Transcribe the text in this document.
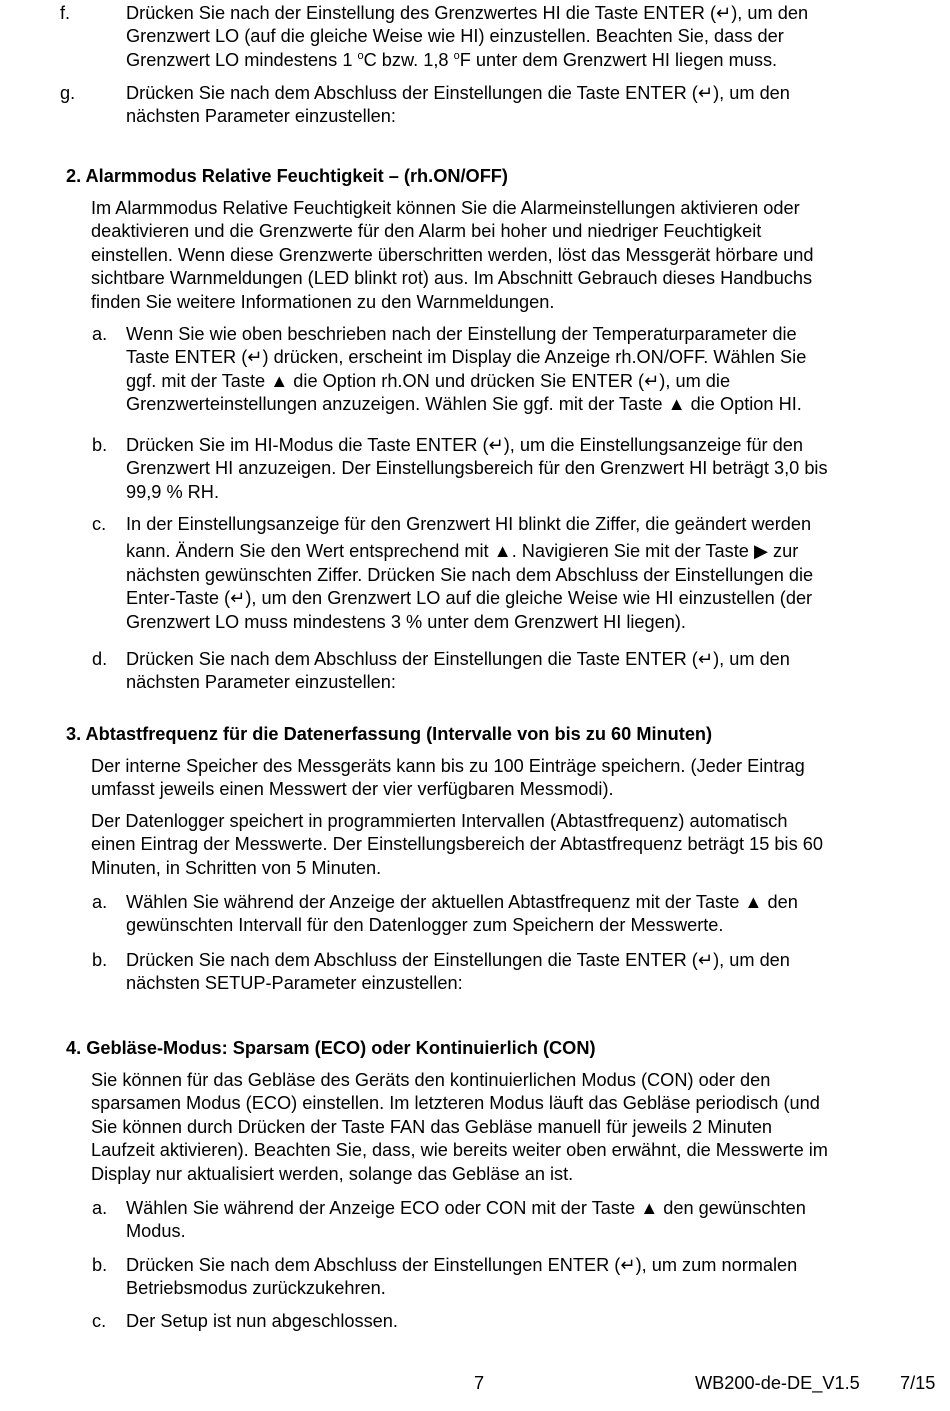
f.	Drücken Sie nach der Einstellung des Grenzwertes HI die Taste ENTER (↵), um den
Grenzwert LO (auf die gleiche Weise wie HI) einzustellen. Beachten Sie, dass der
Grenzwert LO mindestens 1 $^o$C bzw. 1,8 $^o$F unter dem Grenzwert HI liegen muss.
g.	Drücken Sie nach dem Abschluss der Einstellungen die Taste ENTER (↵), um den
nächsten Parameter einzustellen:
2. Alarmmodus Relative Feuchtigkeit – (rh.ON/OFF)
Im Alarmmodus Relative Feuchtigkeit können Sie die Alarmeinstellungen aktivieren oder
deaktivieren und die Grenzwerte für den Alarm bei hoher und niedriger Feuchtigkeit
einstellen. Wenn diese Grenzwerte überschritten werden, löst das Messgerät hörbare und
sichtbare Warnmeldungen (LED blinkt rot) aus. Im Abschnitt Gebrauch dieses Handbuchs
finden Sie weitere Informationen zu den Warnmeldungen.
a. Wenn Sie wie oben beschrieben nach der Einstellung der Temperaturparameter die
Taste ENTER (↵) drücken, erscheint im Display die Anzeige rh.ON/OFF. Wählen Sie
ggf. mit der Taste ▲ die Option rh.ON und drücken Sie ENTER (↵), um die
Grenzwerteinstellungen anzuzeigen. Wählen Sie ggf. mit der Taste ▲ die Option HI.
b. Drücken Sie im HI-Modus die Taste ENTER (↵), um die Einstellungsanzeige für den
Grenzwert HI anzuzeigen. Der Einstellungsbereich für den Grenzwert HI beträgt 3,0 bis
99,9 % RH.
c. In der Einstellungsanzeige für den Grenzwert HI blinkt die Ziffer, die geändert werden
kann. Ändern Sie den Wert entsprechend mit ▲. Navigieren Sie mit der Taste ▶ zur
nächsten gewünschten Ziffer. Drücken Sie nach dem Abschluss der Einstellungen die
Enter-Taste (↵), um den Grenzwert LO auf die gleiche Weise wie HI einzustellen (der
Grenzwert LO muss mindestens 3 % unter dem Grenzwert HI liegen).
d. Drücken Sie nach dem Abschluss der Einstellungen die Taste ENTER (↵), um den
nächsten Parameter einzustellen:
3. Abtastfrequenz für die Datenerfassung (Intervalle von bis zu 60 Minuten)
Der interne Speicher des Messgeräts kann bis zu 100 Einträge speichern. (Jeder Eintrag
umfasst jeweils einen Messwert der vier verfügbaren Messmodi).
Der Datenlogger speichert in programmierten Intervallen (Abtastfrequenz) automatisch
einen Eintrag der Messwerte. Der Einstellungsbereich der Abtastfrequenz beträgt 15 bis 60
Minuten, in Schritten von 5 Minuten.
a. Wählen Sie während der Anzeige der aktuellen Abtastfrequenz mit der Taste ▲ den
gewünschten Intervall für den Datenlogger zum Speichern der Messwerte.
b. Drücken Sie nach dem Abschluss der Einstellungen die Taste ENTER (↵), um den
nächsten SETUP-Parameter einzustellen:
4. Gebläse-Modus: Sparsam (ECO) oder Kontinuierlich (CON)
Sie können für das Gebläse des Geräts den kontinuierlichen Modus (CON) oder den
sparsamen Modus (ECO) einstellen. Im letzteren Modus läuft das Gebläse periodisch (und
Sie können durch Drücken der Taste FAN das Gebläse manuell für jeweils 2 Minuten
Laufzeit aktivieren). Beachten Sie, dass, wie bereits weiter oben erwähnt, die Messwerte im
Display nur aktualisiert werden, solange das Gebläse an ist.
a. Wählen Sie während der Anzeige ECO oder CON mit der Taste ▲ den gewünschten
Modus.
b. Drücken Sie nach dem Abschluss der Einstellungen ENTER (↵), um zum normalen
Betriebsmodus zurückzukehren.
c. Der Setup ist nun abgeschlossen.
7	WB200-de-DE_V1.5 7/15
